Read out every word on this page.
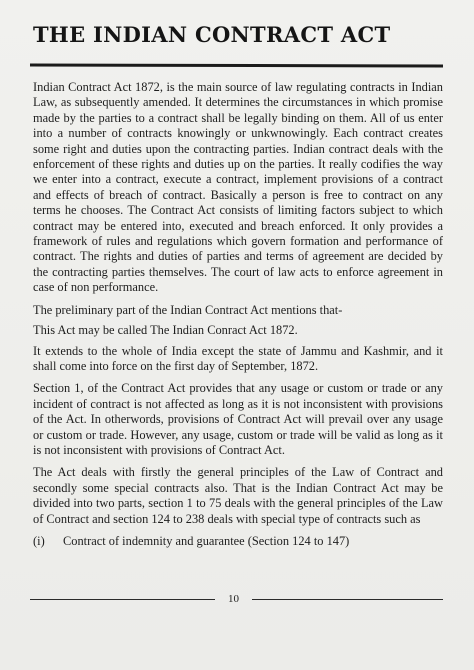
THE INDIAN CONTRACT ACT

Indian Contract Act 1872, is the main source of law regulating contracts in Indian Law, as subsequently amended. It determines the circumstances in which promise made by the parties to a contract shall be legally binding on them. All of us enter into a number of contracts knowingly or unkwnowingly. Each contract creates some right and duties upon the contracting parties. Indian contract deals with the enforcement of these rights and duties up on the parties. It really codifies the way we enter into a contract, execute a contract, implement provisions of a contract and effects of breach of contract. Basically a person is free to contract on any terms he chooses. The Contract Act consists of limiting factors subject to which contract may be entered into, executed and breach enforced. It only provides a framework of rules and regulations which govern formation and performance of contract. The rights and duties of parties and terms of agreement are decided by the contracting parties themselves. The court of law acts to enforce agreement in case of non performance.

The preliminary part of the Indian Contract Act mentions that-

This Act may be called The Indian Conract Act 1872.

It extends to the whole of India except the state of Jammu and Kashmir, and it shall come into force on the first day of September, 1872.

Section 1, of the Contract Act provides that any usage or custom or trade or any incident of contract is not affected as long as it is not inconsistent with provisions of the Act. In otherwords, provisions of Contract Act will prevail over any usage or custom or trade. However, any usage, custom or trade will be valid as long as it is not inconsistent with provisions of Contract Act.

The Act deals with firstly the general principles of the Law of Contract and secondly some special contracts also. That is the Indian Contract Act may be divided into two parts, section 1 to 75 deals with the general principles of the Law of Contract and section 124 to 238 deals with special type of contracts such as

(i)	Contract of indemnity and guarantee (Section 124 to 147)
10
